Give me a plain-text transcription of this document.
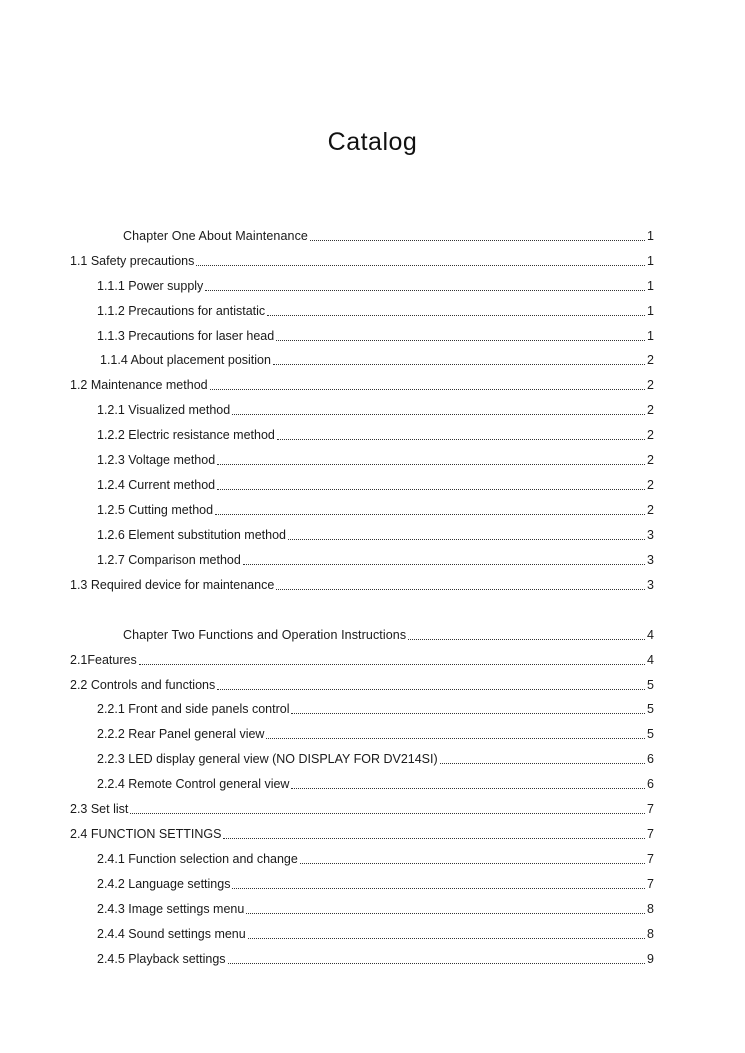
Catalog
Chapter One About Maintenance	1
1.1 Safety precautions	1
1.1.1 Power supply	1
1.1.2 Precautions for antistatic	1
1.1.3 Precautions for laser head	1
1.1.4 About placement position	2
1.2 Maintenance method	2
1.2.1 Visualized method	2
1.2.2 Electric resistance method	2
1.2.3 Voltage method	2
1.2.4 Current method	2
1.2.5 Cutting method	2
1.2.6 Element substitution method	3
1.2.7 Comparison method	3
1.3 Required device for maintenance	3
Chapter Two Functions and Operation Instructions	4
2.1Features	4
2.2 Controls and functions	5
2.2.1 Front and side panels control	5
2.2.2 Rear Panel general view	5
2.2.3 LED display general view (NO DISPLAY FOR DV214SI)	6
2.2.4 Remote Control general view	6
2.3 Set list	7
2.4 FUNCTION SETTINGS	7
2.4.1 Function selection and change	7
2.4.2 Language settings	7
2.4.3 Image settings menu	8
2.4.4 Sound settings menu	8
2.4.5 Playback settings	9
